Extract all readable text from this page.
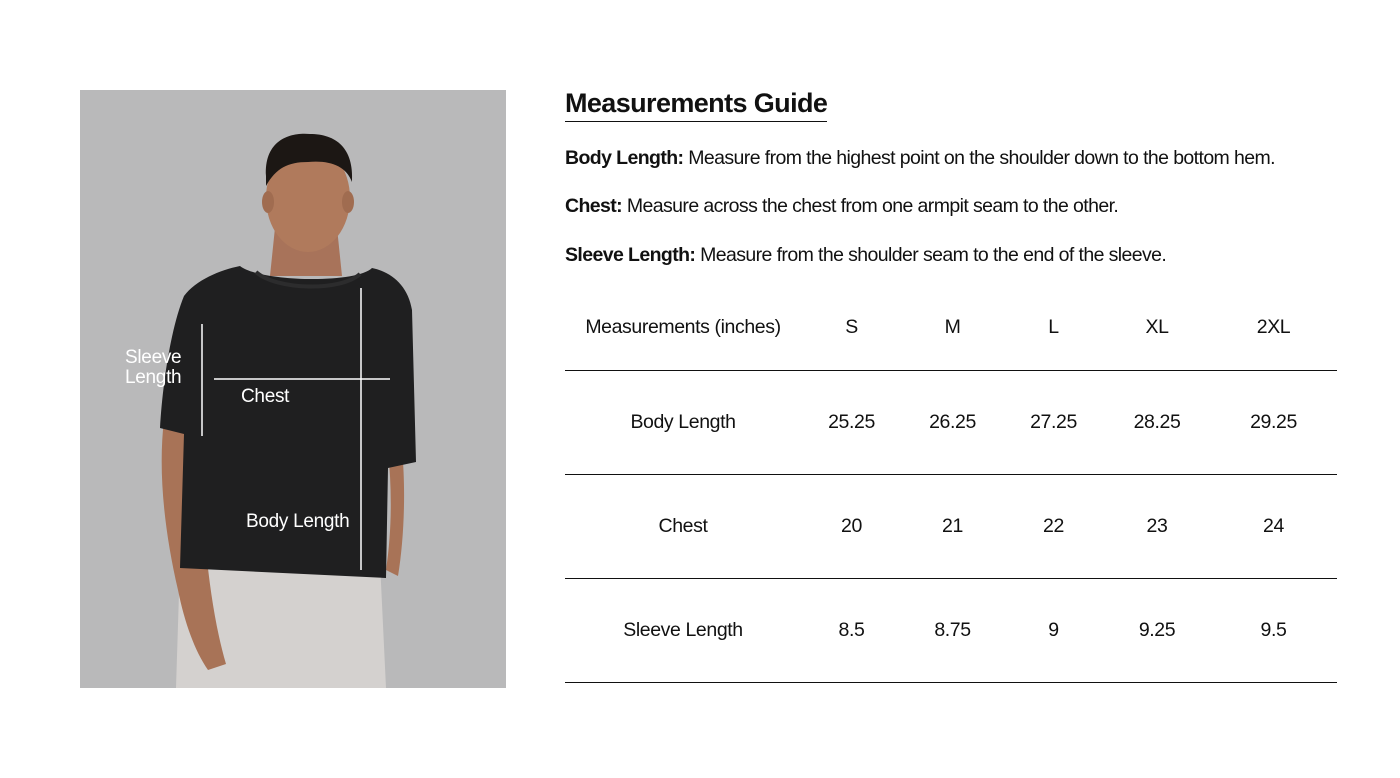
Sleeve
Length
Chest
Body Length
Measurements Guide

Body Length: Measure from the highest point on the shoulder down to the bottom hem.

Chest: Measure across the chest from one armpit seam to the other.

Sleeve Length: Measure from the shoulder seam to the end of the sleeve.

Measurements (inches)	S	M	L	XL	2XL
Body Length	25.25	26.25	27.25	28.25	29.25
Chest	20	21	22	23	24
Sleeve Length	8.5	8.75	9	9.25	9.5
